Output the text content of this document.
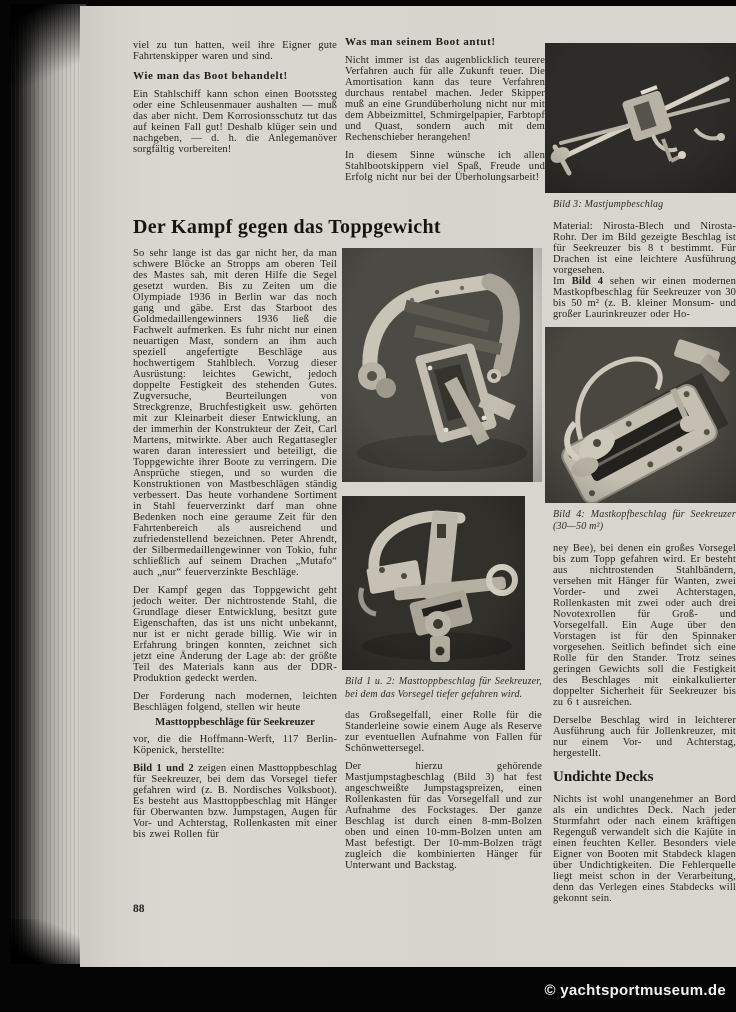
viel zu tun hatten, weil ihre Eigner gute Fahrtenskipper waren und sind.

Wie man das Boot behandelt!

Ein Stahlschiff kann schon einen Bootssteg oder eine Schleusenmauer aushalten — muß das aber nicht. Dem Korrosionsschutz tut das auf keinen Fall gut! Deshalb klüger sein und nachgeben, — d. h. die Anlegemanöver sorgfältig vorbereiten!

Was man seinem Boot antut!

Nicht immer ist das augenblicklich teurere Verfahren auch für alle Zukunft teuer. Die Amortisation kann das teure Verfahren durchaus rentabel machen. Jeder Skipper muß an eine Grundüberholung nicht nur mit dem Abbeizmittel, Schmirgelpapier, Farbtopf und Quast, sondern auch mit dem Rechenschieber herangehen!

In diesem Sinne wünsche ich allen Stahlbootskippern viel Spaß, Freude und Erfolg nicht nur bei der Überholungsarbeit!

Der Kampf gegen das Toppgewicht

So sehr lange ist das gar nicht her, da man schwere Blöcke an Stropps am oberen Teil des Mastes sah, mit deren Hilfe die Segel gesetzt wurden. Bis zu Zeiten um die Olympiade 1936 in Berlin war das noch gang und gäbe. Erst das Starboot des Goldmedaillengewinners 1936 ließ die Fachwelt aufmerken. Es fuhr nicht nur einen neuartigen Mast, sondern an ihm auch speziell angefertigte Beschläge aus hochwertigem Stahlblech. Vorzug dieser Ausrüstung: leichtes Gewicht, jedoch doppelte Festigkeit des stehenden Gutes. Zugversuche, Beurteilungen von Streckgrenze, Bruchfestigkeit usw. gehörten mit zur Kleinarbeit dieser Entwicklung, an der immerhin der Konstrukteur der Zeit, Carl Martens, mitwirkte. Aber auch Regattasegler waren daran interessiert und beteiligt, die Toppgewichte ihrer Boote zu verringern. Die Ansprüche stiegen, und so wurden die Konstruktionen von Mastbeschlägen ständig verbessert. Das heute vorhandene Sortiment in Stahl feuerverzinkt darf man ohne Bedenken noch eine geraume Zeit für den Fahrtenbereich als ausreichend und zufriedenstellend bezeichnen. Peter Ahrendt, der Silbermedaillengewinner von Tokio, fuhr schließlich auf seinem Drachen „Mutafo“ auch „nur“ feuerverzinkte Beschläge.

Der Kampf gegen das Toppgewicht geht jedoch weiter. Der nichtrostende Stahl, die Grundlage dieser Entwicklung, besitzt gute Eigenschaften, das ist uns nicht unbekannt, nur ist er nicht gerade billig. Wie wir in Erfahrung bringen konnten, zeichnet sich jetzt eine Änderung der Lage ab: der größte Teil des Materials kann aus der DDR-Produktion gedeckt werden.

Der Forderung nach modernen, leichten Beschlägen folgend, stellen wir heute

Masttoppbeschläge für Seekreuzer

vor, die die Hoffmann-Werft, 117 Berlin-Köpenick, herstellte:

Bild 1 und 2 zeigen einen Masttoppbeschlag für Seekreuzer, bei dem das Vorsegel tiefer gefahren wird (z. B. Nordisches Volksboot). Es besteht aus Masttoppbeschlag mit Hänger für Oberwanten bzw. Jumpstagen, Augen für Vor- und Achterstag, Rollenkasten mit einer bis zwei Rollen für

88

Bild 1 u. 2: Masttoppbeschlag für Seekreuzer, bei dem das Vorsegel tiefer gefahren wird.

das Großsegelfall, einer Rolle für die Standerleine sowie einem Auge als Reserve zur eventuellen Aufnahme von Fallen für Schönwettersegel.

Der hierzu gehörende Mastjumpstagbeschlag (Bild 3) hat fest angeschweißte Jumpstagspreizen, einen Rollenkasten für das Vorsegelfall und zur Aufnahme des Fockstages. Der ganze Beschlag ist durch einen 8-mm-Bolzen oben und einen 10-mm-Bolzen unten am Mast befestigt. Der 10-mm-Bolzen trägt zugleich die kombinierten Hänger für Unterwant und Backstag.

Bild 3: Mastjumpbeschlag

Material: Nirosta-Blech und Nirosta-Rohr. Der im Bild gezeigte Beschlag ist für Seekreuzer bis 8 t bestimmt. Für Drachen ist eine leichtere Ausführung vorgesehen.

Im Bild 4 sehen wir einen modernen Mastkopfbeschlag für Seekreuzer von 30 bis 50 m² (z. B. kleiner Monsum- und großer Laurinkreuzer oder Ho-

Bild 4: Mastkopfbeschlag für Seekreuzer (30—50 m²)

ney Bee), bei denen ein großes Vorsegel bis zum Topp gefahren wird. Er besteht aus nichtrostenden Stahlbändern, versehen mit Hänger für Wanten, zwei Vorder- und zwei Achterstagen, Rollenkasten mit zwei oder auch drei Novotexrollen für Groß- und Vorsegelfall. Ein Auge über den Vorstagen ist für den Spinnaker vorgesehen. Seitlich befindet sich eine Rolle für den Stander. Trotz seines geringen Gewichts soll die Festigkeit des Beschlages mit einkalkulierter doppelter Sicherheit für Seekreuzer bis zu 6 t ausreichen.

Derselbe Beschlag wird in leichterer Ausführung auch für Jollenkreuzer, mit nur einem Vor- und Achterstag, hergestellt.

Undichte Decks

Nichts ist wohl unangenehmer an Bord als ein undichtes Deck. Nach jeder Sturmfahrt oder nach einem kräftigen Regenguß verwandelt sich die Kajüte in einen feuchten Keller. Besonders viele Eigner von Booten mit Stabdeck klagen über Undichtigkeiten. Die Fehlerquelle liegt meist schon in der Verarbeitung, denn das Verlegen eines Stabdecks will gekonnt sein.

© yachtsportmuseum.de
